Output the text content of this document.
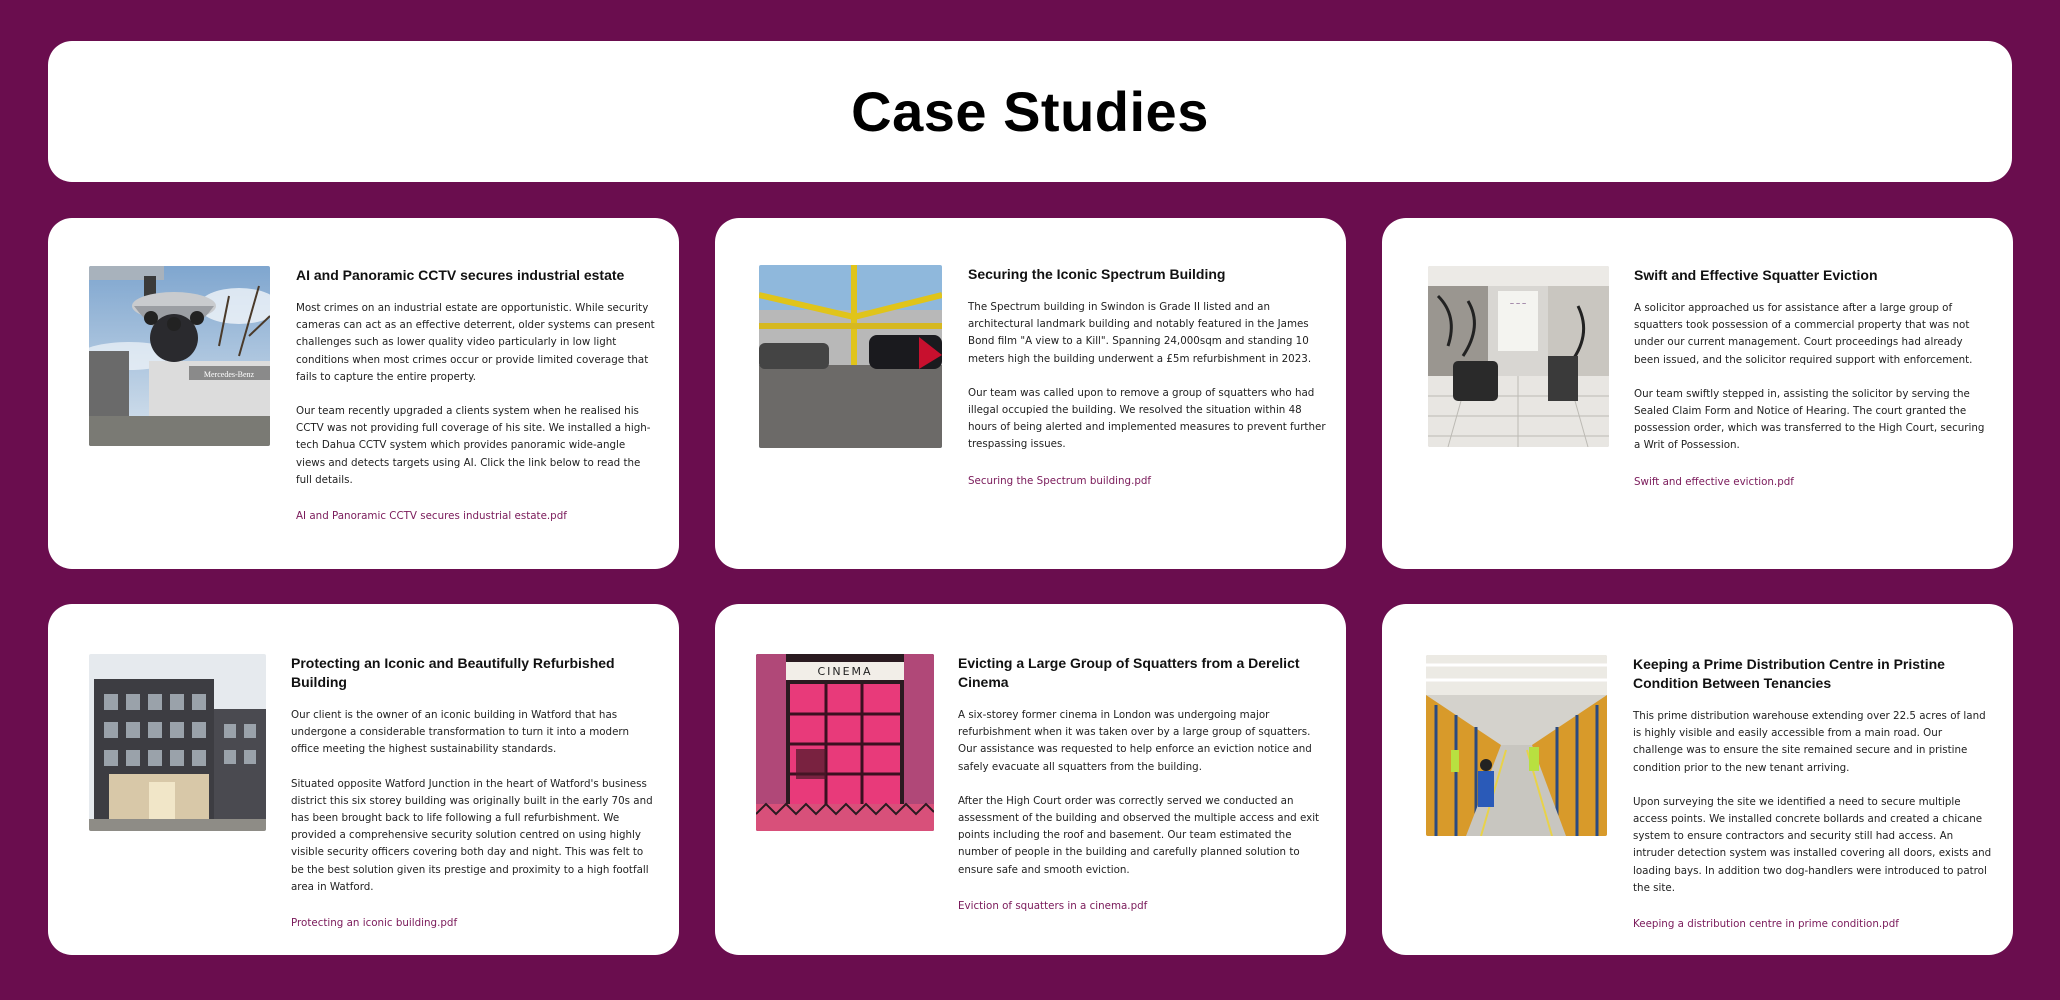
Case Studies
Mercedes-Benz
AI and Panoramic CCTV secures industrial estate

Most crimes on an industrial estate are opportunistic. While security cameras can act as an effective deterrent, older systems can present challenges such as lower quality video particularly in low light conditions when most crimes occur or provide limited coverage that fails to capture the entire property.

Our team recently upgraded a clients system when he realised his CCTV was not providing full coverage of his site. We installed a high-tech Dahua CCTV system which provides panoramic wide-angle views and detects targets using AI. Click the link below to read the full details.

AI and Panoramic CCTV secures industrial estate.pdf
Securing the Iconic Spectrum Building

The Spectrum building in Swindon is Grade II listed and an architectural landmark building and notably featured in the James Bond film "A view to a Kill". Spanning 24,000sqm and standing 10 meters high the building underwent a £5m refurbishment in 2023.

Our team was called upon to remove a group of squatters who had illegal occupied the building. We resolved the situation within 48 hours of being alerted and implemented measures to prevent further trespassing issues.

Securing the Spectrum building.pdf
~ ~ ~
Swift and Effective Squatter Eviction

A solicitor approached us for assistance after a large group of squatters took possession of a commercial property that was not under our current management. Court proceedings had already been issued, and the solicitor required support with enforcement.

Our team swiftly stepped in, assisting the solicitor by serving the Sealed Claim Form and Notice of Hearing. The court granted the possession order, which was transferred to the High Court, securing a Writ of Possession.

Swift and effective eviction.pdf
Protecting an Iconic and Beautifully Refurbished Building

Our client is the owner of an iconic building in Watford that has undergone a considerable transformation to turn it into a modern office meeting the highest sustainability standards.

Situated opposite Watford Junction in the heart of Watford's business district this six storey building was originally built in the early 70s and has been brought back to life following a full refurbishment. We provided a comprehensive security solution centred on using highly visible security officers covering both day and night. This was felt to be the best solution given its prestige and proximity to a high footfall area in Watford.

Protecting an iconic building.pdf
CINEMA
Evicting a Large Group of Squatters from a Derelict Cinema

A six-storey former cinema in London was undergoing major refurbishment when it was taken over by a large group of squatters. Our assistance was requested to help enforce an eviction notice and safely evacuate all squatters from the building.

After the High Court order was correctly served we conducted an assessment of the building and observed the multiple access and exit points including the roof and basement. Our team estimated the number of people in the building and carefully planned solution to ensure safe and smooth eviction.

Eviction of squatters in a cinema.pdf
Keeping a Prime Distribution Centre in Pristine Condition Between Tenancies

This prime distribution warehouse extending over 22.5 acres of land is highly visible and easily accessible from a main road. Our challenge was to ensure the site remained secure and in pristine condition prior to the new tenant arriving.

Upon surveying the site we identified a need to secure multiple access points. We installed concrete bollards and created a chicane system to ensure contractors and security still had access. An intruder detection system was installed covering all doors, exists and loading bays. In addition two dog-handlers were introduced to patrol the site.

Keeping a distribution centre in prime condition.pdf
